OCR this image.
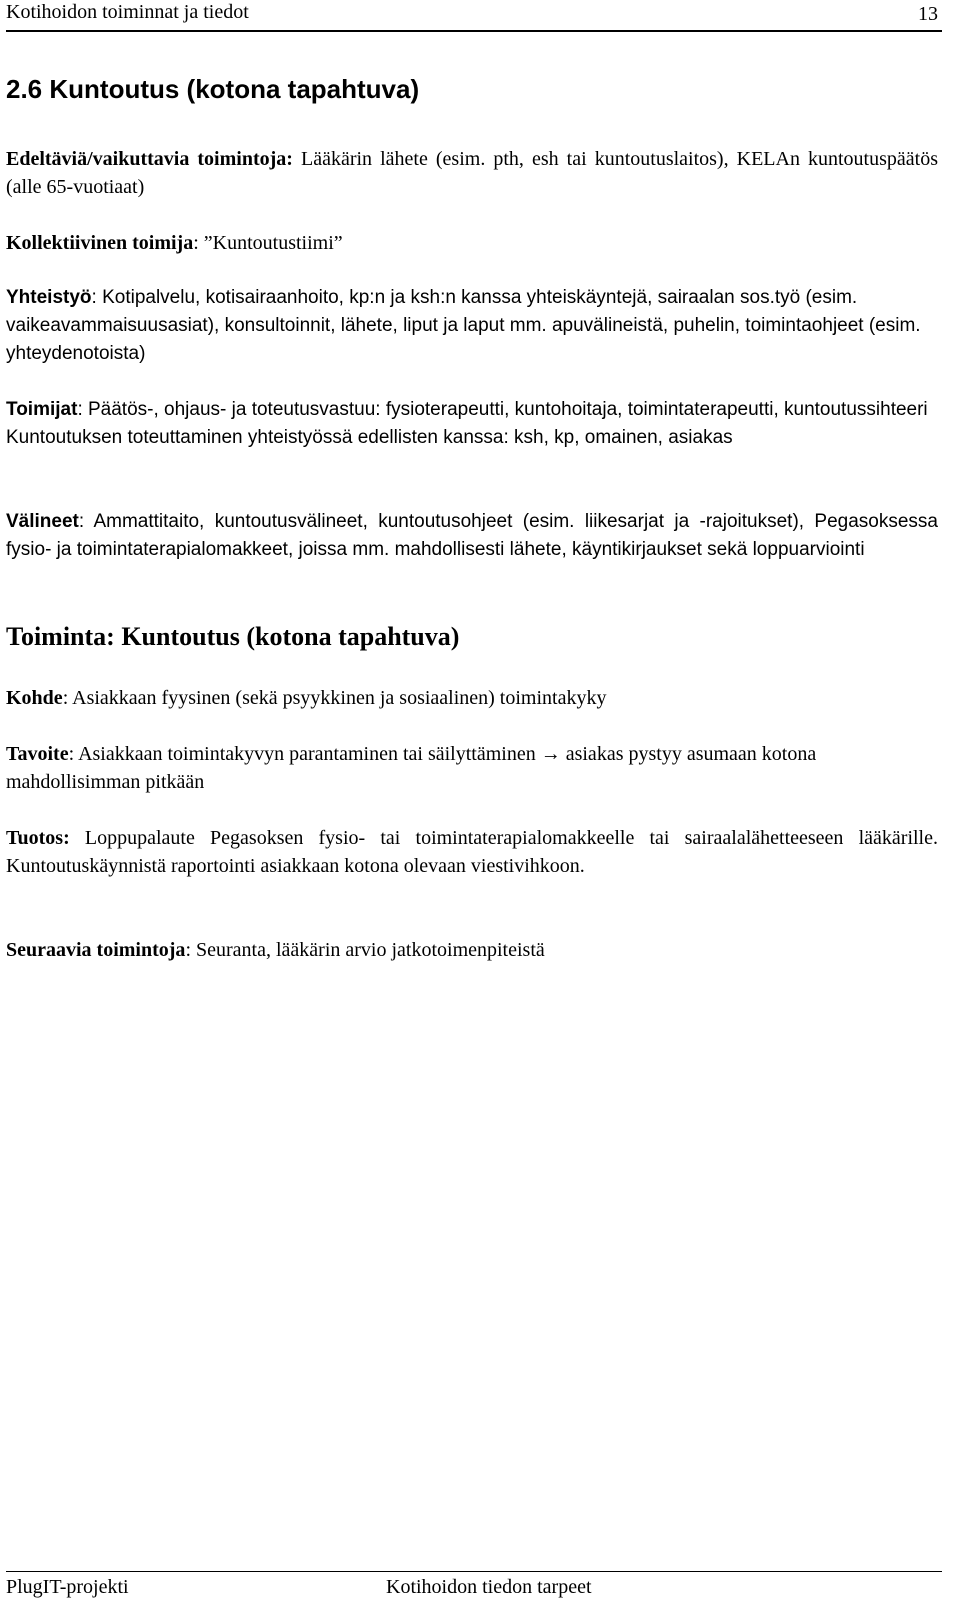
Kotihoidon toiminnat ja tiedot	13
2.6 Kuntoutus (kotona tapahtuva)
Edeltäviä/vaikuttavia toimintoja: Lääkärin lähete (esim. pth, esh tai kuntoutuslaitos), KELAn kuntoutuspäätös (alle 65-vuotiaat)
Kollektiivinen toimija: ”Kuntoutustiimi”
Yhteistyö: Kotipalvelu, kotisairaanhoito, kp:n ja ksh:n kanssa yhteiskäyntejä, sairaalan sos.työ (esim. vaikeavammaisuusasiat), konsultoinnit, lähete, liput ja laput mm. apuvälineistä, puhelin, toimintaohjeet (esim. yhteydenotoista)
Toimijat: Päätös-, ohjaus- ja toteutusvastuu: fysioterapeutti, kuntohoitaja, toimintaterapeutti, kuntoutussihteeri
Kuntoutuksen toteuttaminen yhteistyössä edellisten kanssa: ksh, kp, omainen, asiakas
Välineet: Ammattitaito, kuntoutusvälineet, kuntoutusohjeet (esim. liikesarjat ja -rajoitukset), Pegasoksessa fysio- ja toimintaterapialomakkeet, joissa mm. mahdollisesti lähete, käyntikirjaukset sekä loppuarviointi
Toiminta: Kuntoutus (kotona tapahtuva)
Kohde: Asiakkaan fyysinen (sekä psyykkinen ja sosiaalinen) toimintakyky
Tavoite: Asiakkaan toimintakyvyn parantaminen tai säilyttäminen → asiakas pystyy asumaan kotona mahdollisimman pitkään
Tuotos: Loppupalaute Pegasoksen fysio- tai toimintaterapialomakkeelle tai sairaalalähetteeseen lääkärille. Kuntoutuskäynnistä raportointi asiakkaan kotona olevaan viestivihkoon.
Seuraavia toimintoja: Seuranta, lääkärin arvio jatkotoimenpiteistä
PlugIT-projekti	Kotihoidon tiedon tarpeet
